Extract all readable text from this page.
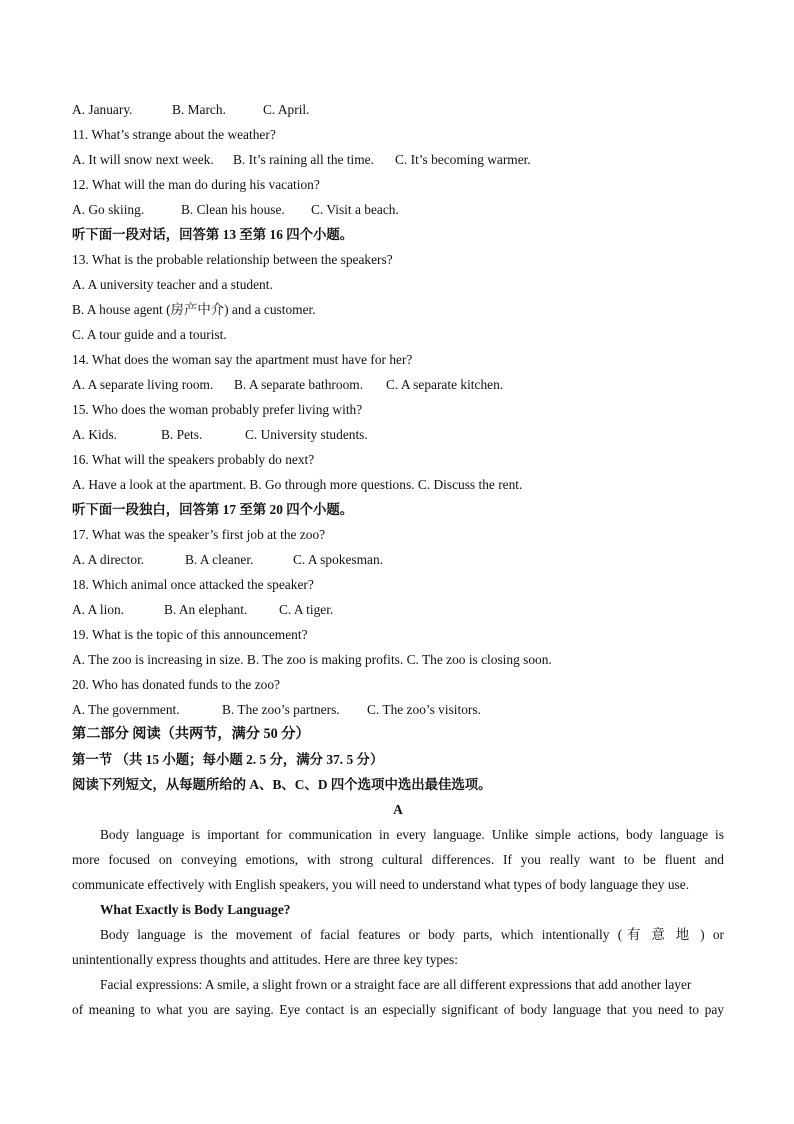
A. January.	B. March.	C. April.
11. What’s strange about the weather?
A. It will snow next week.	B. It’s raining all the time.	C. It’s becoming warmer.
12. What will the man do during his vacation?
A. Go skiing.	B. Clean his house.	C. Visit a beach.
听下面一段对话，回答第 13 至第 16 四个小题。
13. What is the probable relationship between the speakers?
A. A university teacher and a student.
B. A house agent (房产中介) and a customer.
C. A tour guide and a tourist.
14. What does the woman say the apartment must have for her?
A. A separate living room.	B. A separate bathroom.	C. A separate kitchen.
15. Who does the woman probably prefer living with?
A. Kids.	B. Pets.	C. University students.
16. What will the speakers probably do next?
A. Have a look at the apartment. B. Go through more questions. C. Discuss the rent.
听下面一段独白，回答第 17 至第 20 四个小题。
17. What was the speaker’s first job at the zoo?
A. A director.	B. A cleaner.	C. A spokesman.
18. Which animal once attacked the speaker?
A. A lion.	B. An elephant.	C. A tiger.
19. What is the topic of this announcement?
A. The zoo is increasing in size. B. The zoo is making profits. C. The zoo is closing soon.
20. Who has donated funds to the zoo?
A. The government.	B. The zoo’s partners.	C. The zoo’s visitors.
第二部分 阅读（共两节，满分 50 分）
第一节 （共 15 小题；每小题 2. 5 分，满分 37. 5 分）
阅读下列短文，从每题所给的 A、B、C、D 四个选项中选出最佳选项。
A
Body language is important for communication in every language. Unlike simple actions, body language is
more focused on conveying emotions, with strong cultural differences. If you really want to be fluent and
communicate effectively with English speakers, you will need to understand what types of body language they use.
What Exactly is Body Language?
Body language is the movement of facial features or body parts, which intentionally (有意地) or
unintentionally express thoughts and attitudes. Here are three key types:
Facial expressions: A smile, a slight frown or a straight face are all different expressions that add another layer
of meaning to what you are saying. Eye contact is an especially significant of body language that you need to pay
